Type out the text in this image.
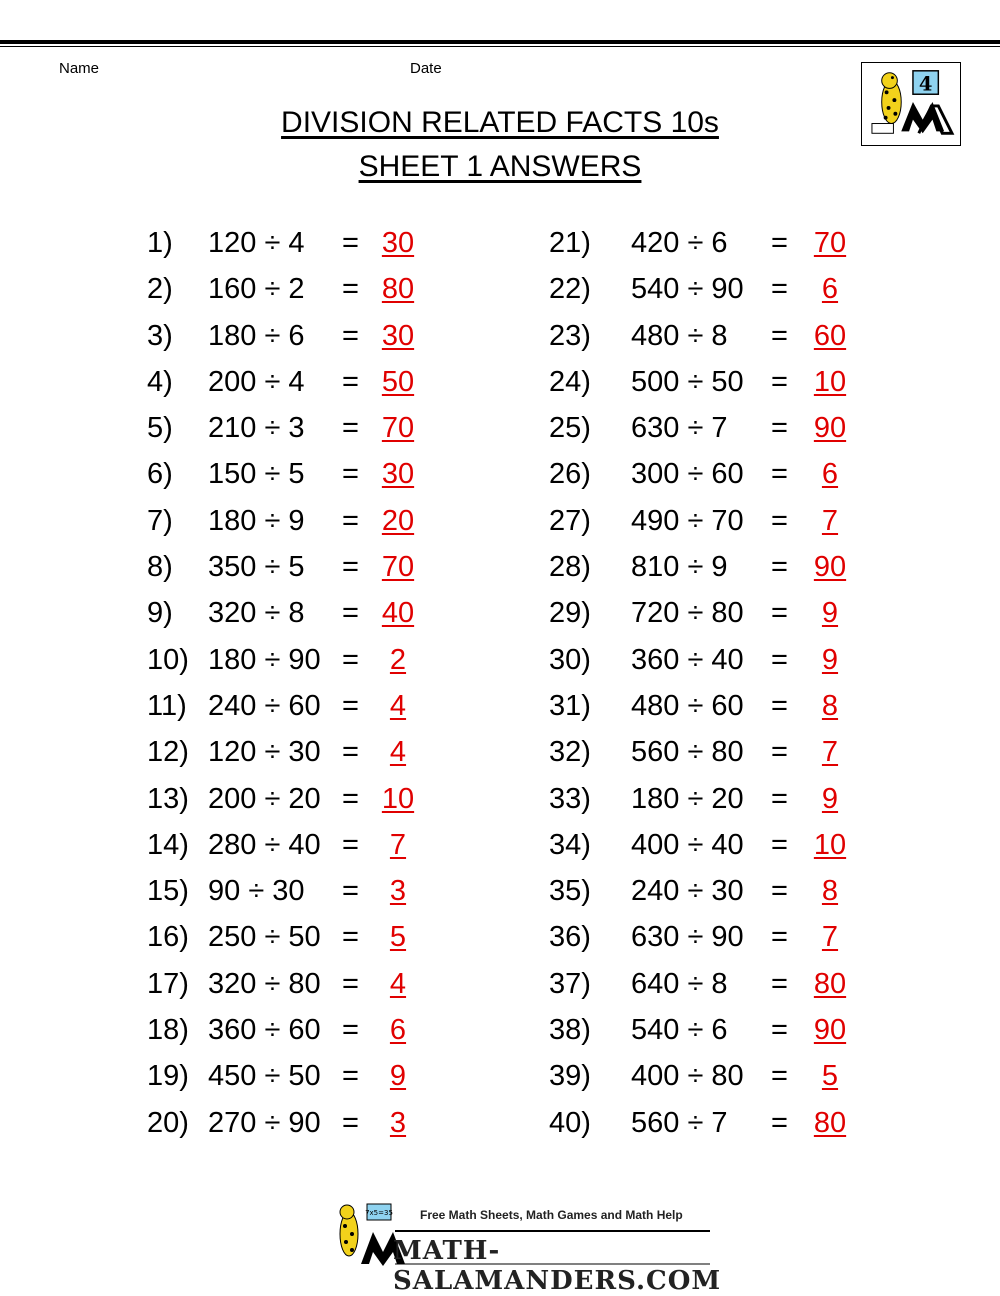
Name	Date
DIVISION RELATED FACTS 10s
SHEET 1 ANSWERS
4
1) 120 ÷ 4 = 30
2) 160 ÷ 2 = 80
3) 180 ÷ 6 = 30
4) 200 ÷ 4 = 50
5) 210 ÷ 3 = 70
6) 150 ÷ 5 = 30
7) 180 ÷ 9 = 20
8) 350 ÷ 5 = 70
9) 320 ÷ 8 = 40
10) 180 ÷ 90 =	2
11) 240 ÷ 60 =	4
12) 120 ÷ 30 =	4
13) 200 ÷ 20 = 10
14) 280 ÷ 40 =	7
15) 90 ÷ 30 =	3
16) 250 ÷ 50 =	5
17) 320 ÷ 80 =	4
18) 360 ÷ 60 =	6
19) 450 ÷ 50 =	9
20) 270 ÷ 90 =	3
21) 420 ÷ 6 = 70
22) 540 ÷ 90 =	6
23) 480 ÷ 8 = 60
24) 500 ÷ 50 = 10
25) 630 ÷ 7 = 90
26) 300 ÷ 60 =	6
27) 490 ÷ 70 =	7
28) 810 ÷ 9 = 90
29) 720 ÷ 80 =	9
30) 360 ÷ 40 =	9
31) 480 ÷ 60 =	8
32) 560 ÷ 80 =	7
33) 180 ÷ 20 =	9
34) 400 ÷ 40 = 10
35) 240 ÷ 30 =	8
36) 630 ÷ 90 =	7
37) 640 ÷ 8 = 80
38) 540 ÷ 6 = 90
39) 400 ÷ 80 =	5
40) 560 ÷ 7 = 80
7x5=35 Free Math Sheets, Math Games and Math Help
MATH-SALAMANDERS.COM
